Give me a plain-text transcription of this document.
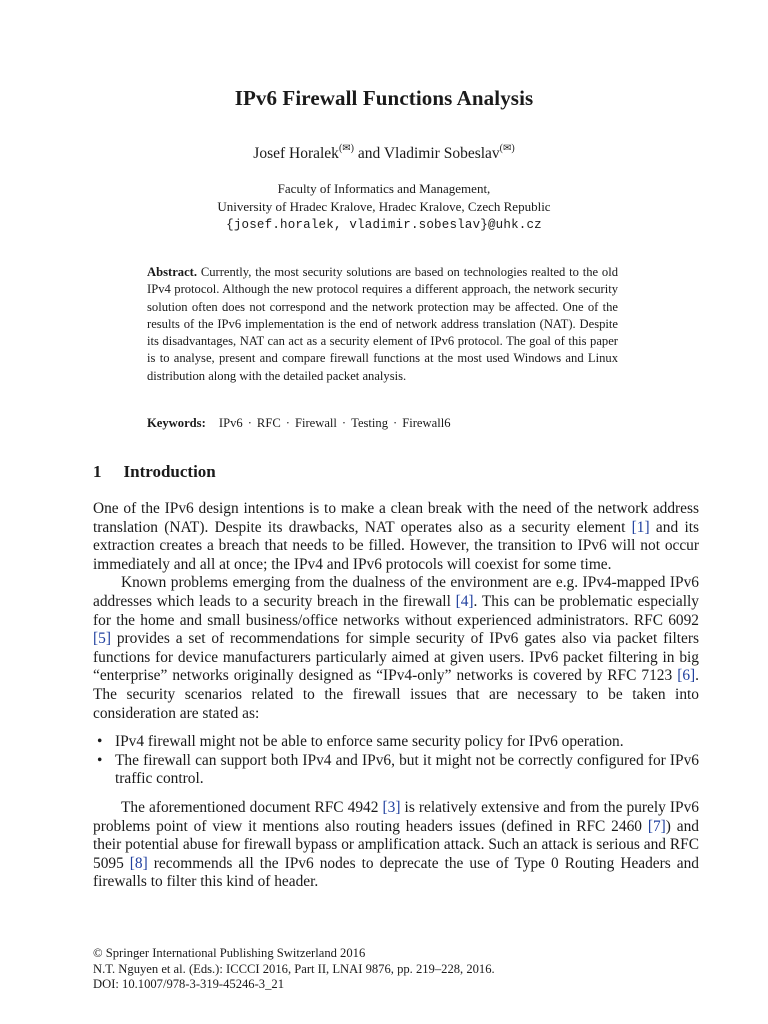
IPv6 Firewall Functions Analysis
Josef Horalek(✉) and Vladimir Sobeslav(✉)
Faculty of Informatics and Management,
University of Hradec Kralove, Hradec Kralove, Czech Republic
{josef.horalek, vladimir.sobeslav}@uhk.cz
Abstract. Currently, the most security solutions are based on technologies realted to the old IPv4 protocol. Although the new protocol requires a different approach, the network security solution often does not correspond and the network protection may be affected. One of the results of the IPv6 implementation is the end of network address translation (NAT). Despite its disadvantages, NAT can act as a security element of IPv6 protocol. The goal of this paper is to analyse, present and compare firewall functions at the most used Windows and Linux distribution along with the detailed packet analysis.
Keywords: IPv6 · RFC · Firewall · Testing · Firewall6
1 Introduction

One of the IPv6 design intentions is to make a clean break with the need of the network address translation (NAT). Despite its drawbacks, NAT operates also as a security element [1] and its extraction creates a breach that needs to be filled. However, the transition to IPv6 will not occur immediately and all at once; the IPv4 and IPv6 protocols will coexist for some time.

Known problems emerging from the dualness of the environment are e.g. IPv4-mapped IPv6 addresses which leads to a security breach in the firewall [4]. This can be problematic especially for the home and small business/office networks without experienced administrators. RFC 6092 [5] provides a set of recommendations for simple security of IPv6 gates also via packet filters functions for device manufacturers particularly aimed at given users. IPv6 packet filtering in big “enterprise” networks originally designed as “IPv4-only” networks is covered by RFC 7123 [6]. The security scenarios related to the firewall issues that are necessary to be taken into consideration are stated as:

• IPv4 firewall might not be able to enforce same security policy for IPv6 operation.
• The firewall can support both IPv4 and IPv6, but it might not be correctly configured for IPv6 traffic control.

The aforementioned document RFC 4942 [3] is relatively extensive and from the purely IPv6 problems point of view it mentions also routing headers issues (defined in RFC 2460 [7]) and their potential abuse for firewall bypass or amplification attack. Such an attack is serious and RFC 5095 [8] recommends all the IPv6 nodes to deprecate the use of Type 0 Routing Headers and firewalls to filter this kind of header.

© Springer International Publishing Switzerland 2016
N.T. Nguyen et al. (Eds.): ICCCI 2016, Part II, LNAI 9876, pp. 219–228, 2016.
DOI: 10.1007/978-3-319-45246-3_21
